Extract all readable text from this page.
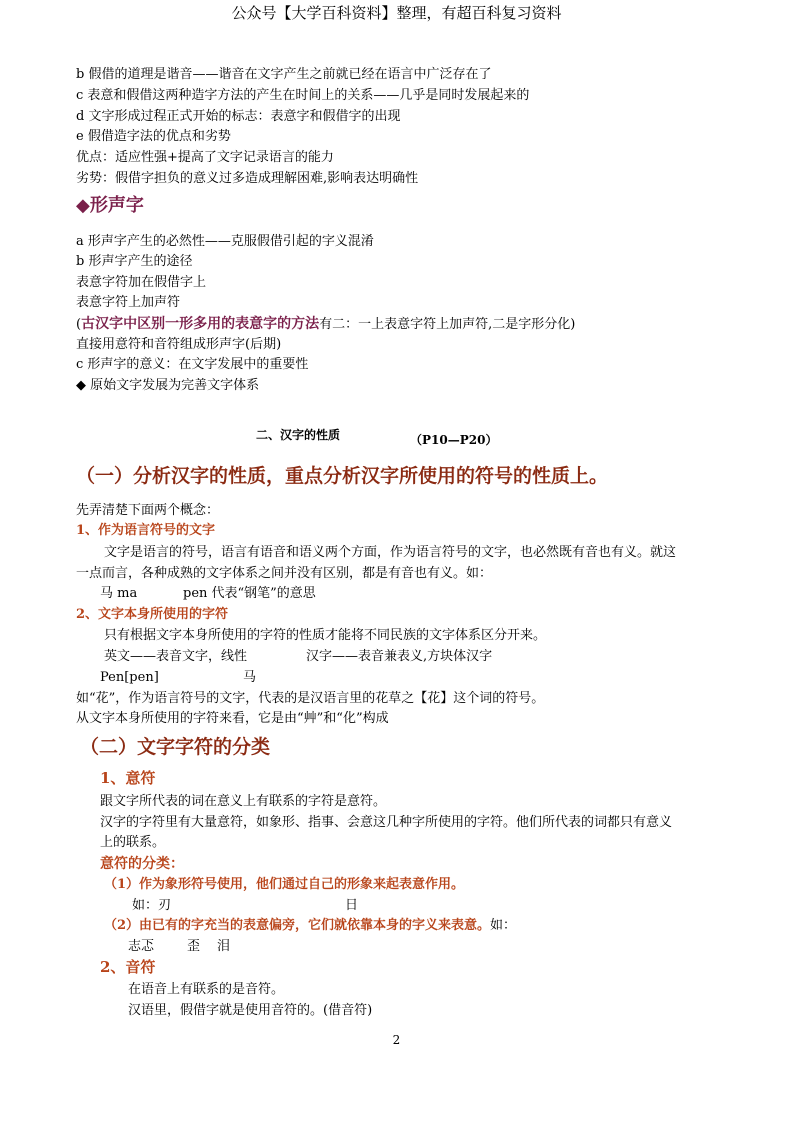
公众号【大学百科资料】整理，有超百科复习资料
b 假借的道理是谐音——谐音在文字产生之前就已经在语言中广泛存在了
c 表意和假借这两种造字方法的产生在时间上的关系——几乎是同时发展起来的
d 文字形成过程正式开始的标志：表意字和假借字的出现
e 假借造字法的优点和劣势
优点：适应性强+提高了文字记录语言的能力
劣势：假借字担负的意义过多造成理解困难,影响表达明确性
◆形声字
a 形声字产生的必然性——克服假借引起的字义混淆
b 形声字产生的途径
表意字符加在假借字上
表意字符上加声符
(古汉字中区别一形多用的表意字的方法有二：一上表意字符上加声符,二是字形分化)
直接用意符和音符组成形声字(后期)
c 形声字的意义：在文字发展中的重要性
◆ 原始文字发展为完善文字体系
二、汉字的性质	（P10—P20）
（一）分析汉字的性质，重点分析汉字所使用的符号的性质上。
先弄清楚下面两个概念：
1、作为语言符号的文字
文字是语言的符号，语言有语音和语义两个方面，作为语言符号的文字，也必然既有音也有义。就这
一点而言，各种成熟的文字体系之间并没有区别，都是有音也有义。如：
马 ma	pen 代表“钢笔”的意思
2、文字本身所使用的字符
只有根据文字本身所使用的字符的性质才能将不同民族的文字体系区分开来。
英文——表音文字，线性	汉字——表音兼表义,方块体汉字
Pen[pen]	马
如“花”，作为语言符号的文字，代表的是汉语言里的花草之【花】这个词的符号。
从文字本身所使用的字符来看，它是由“艸”和“化”构成
（二）文字字符的分类
1、意符
跟文字所代表的词在意义上有联系的字符是意符。
汉字的字符里有大量意符，如象形、指事、会意这几种字所使用的字符。他们所代表的词都只有意义
上的联系。
意符的分类：
（1）作为象形符号使用，他们通过自己的形象来起表意作用。
如：刃	日
（2）由已有的字充当的表意偏旁，它们就依靠本身的字义来表意。如：
志忑	歪 泪
2、音符
在语音上有联系的是音符。
汉语里，假借字就是使用音符的。(借音符)
2
